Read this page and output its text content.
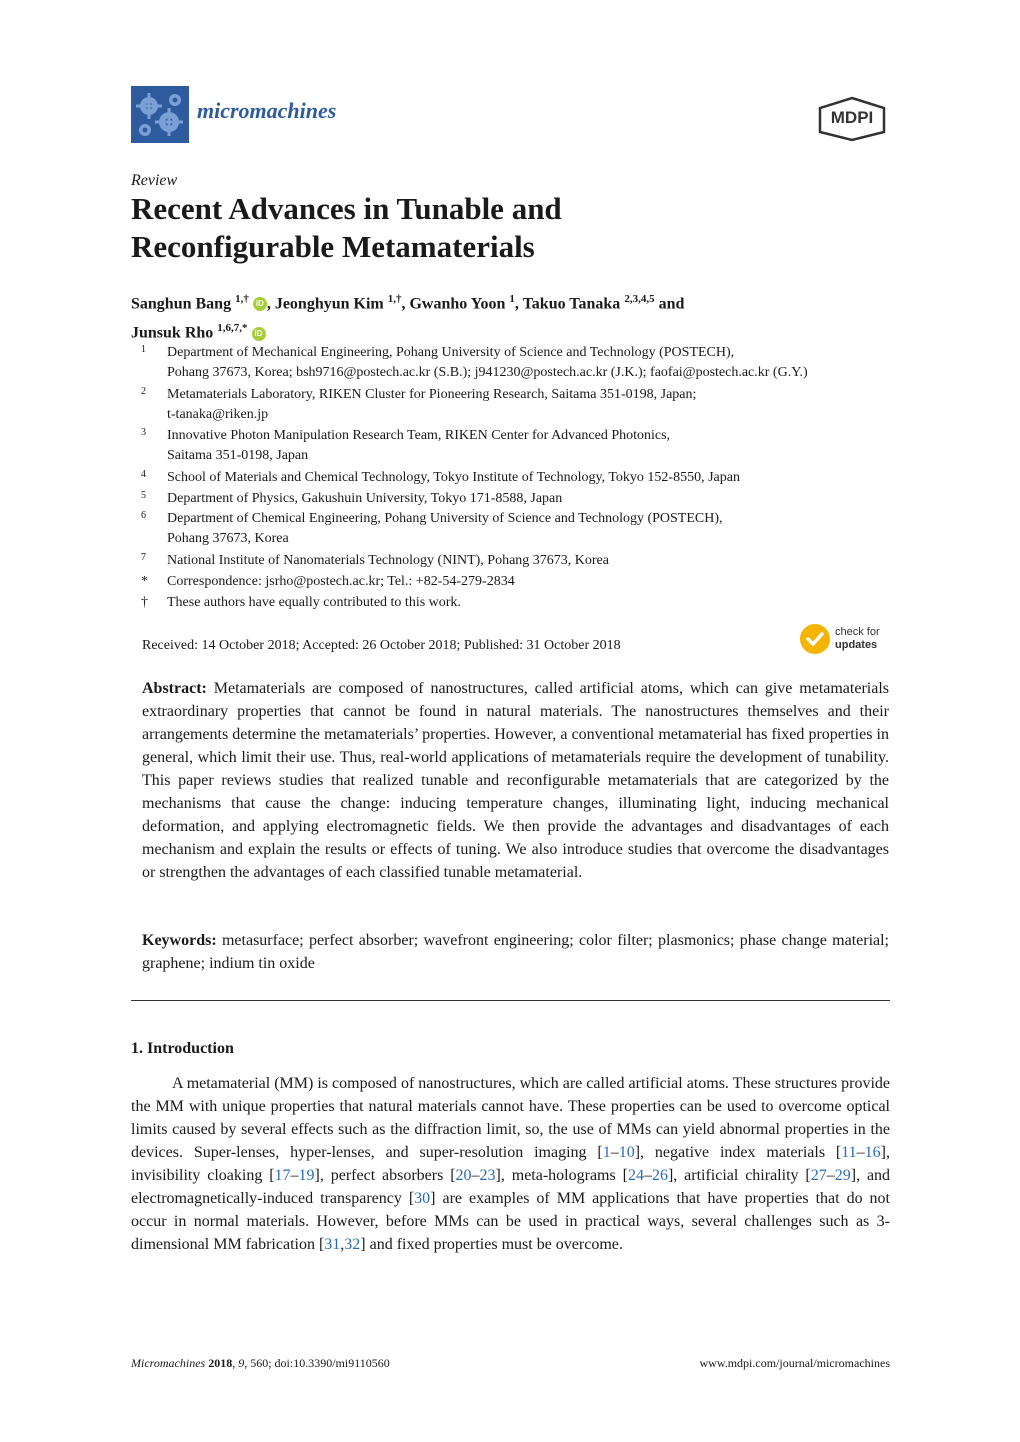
micromachines	MDPI
Review
Recent Advances in Tunable and
Reconfigurable Metamaterials
Sanghun Bang $^{1,\dagger}$ iD , Jeonghyun Kim $^{1,\dagger}$, Gwanho Yoon $^1$, Takuo Tanaka $^{2,3,4,5}$ and
Junsuk Rho $^{1,6,7,*}$ iD
1 Department of Mechanical Engineering, Pohang University of Science and Technology (POSTECH),
Pohang 37673, Korea; bsh9716@postech.ac.kr (S.B.); j941230@postech.ac.kr (J.K.); faofai@postech.ac.kr (G.Y.)
2 Metamaterials Laboratory, RIKEN Cluster for Pioneering Research, Saitama 351-0198, Japan;
t-tanaka@riken.jp
3 Innovative Photon Manipulation Research Team, RIKEN Center for Advanced Photonics,
Saitama 351-0198, Japan
4 School of Materials and Chemical Technology, Tokyo Institute of Technology, Tokyo 152-8550, Japan
5 Department of Physics, Gakushuin University, Tokyo 171-8588, Japan
6 Department of Chemical Engineering, Pohang University of Science and Technology (POSTECH),
Pohang 37673, Korea
7 National Institute of Nanomaterials Technology (NINT), Pohang 37673, Korea
* Correspondence: jsrho@postech.ac.kr; Tel.: +82-54-279-2834
† These authors have equally contributed to this work.
Received: 14 October 2018; Accepted: 26 October 2018; Published: 31 October 2018
check for
updates
Abstract: Metamaterials are composed of nanostructures, called artificial atoms, which can give metamaterials extraordinary properties that cannot be found in natural materials. The nanostructures themselves and their arrangements determine the metamaterials’ properties. However, a conventional metamaterial has fixed properties in general, which limit their use. Thus, real-world applications of metamaterials require the development of tunability. This paper reviews studies that realized tunable and reconfigurable metamaterials that are categorized by the mechanisms that cause the change: inducing temperature changes, illuminating light, inducing mechanical deformation, and applying electromagnetic fields. We then provide the advantages and disadvantages of each mechanism and explain the results or effects of tuning. We also introduce studies that overcome the disadvantages or strengthen the advantages of each classified tunable metamaterial.
Keywords: metasurface; perfect absorber; wavefront engineering; color filter; plasmonics; phase change material; graphene; indium tin oxide
1. Introduction
A metamaterial (MM) is composed of nanostructures, which are called artificial atoms. These structures provide the MM with unique properties that natural materials cannot have. These properties can be used to overcome optical limits caused by several effects such as the diffraction limit, so, the use of MMs can yield abnormal properties in the devices. Super-lenses, hyper-lenses, and super-resolution imaging [1–10], negative index materials [11–16], invisibility cloaking [17–19], perfect absorbers [20–23], meta-holograms [24–26], artificial chirality [27–29], and electromagnetically-induced transparency [30] are examples of MM applications that have properties that do not occur in normal materials. However, before MMs can be used in practical ways, several challenges such as 3-dimensional MM fabrication [31,32] and fixed properties must be overcome.
Micromachines 2018, 9, 560; doi:10.3390/mi9110560	www.mdpi.com/journal/micromachines
